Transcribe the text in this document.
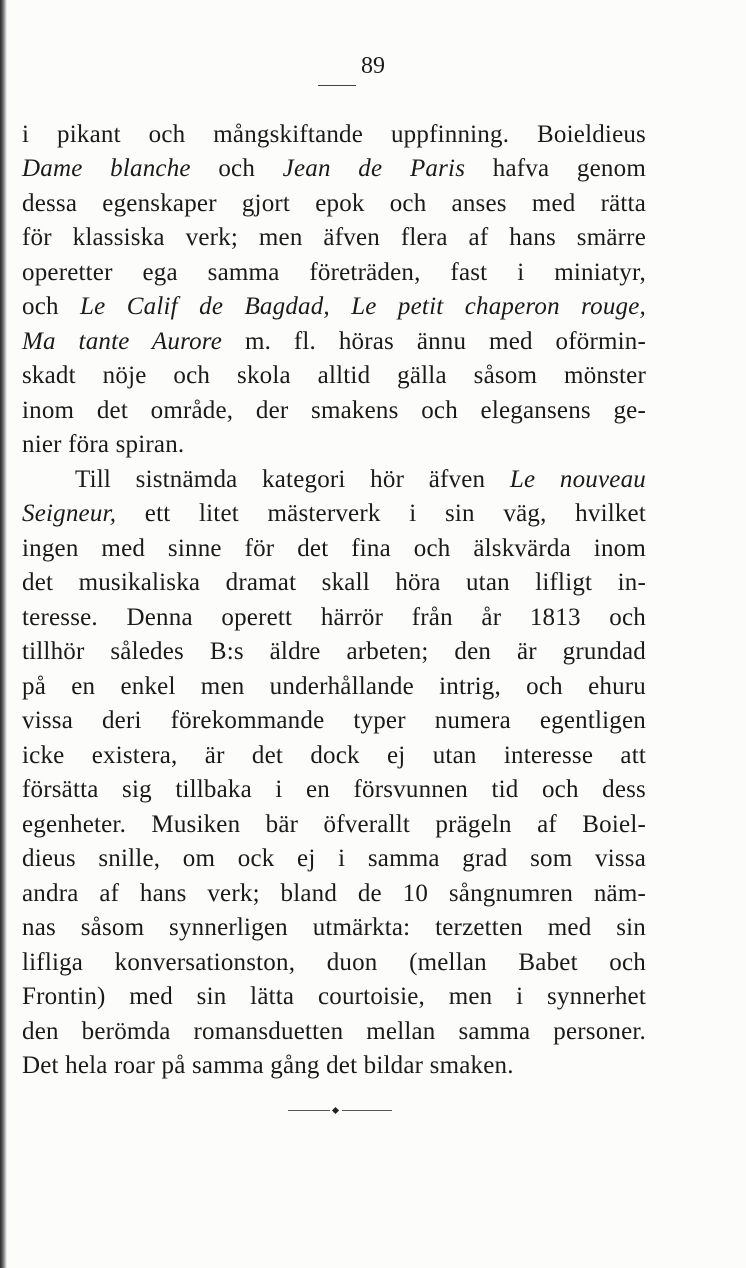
89
i pikant och mångskiftande uppfinning. Boieldieus
Dame blanche och Jean de Paris hafva genom
dessa egenskaper gjort epok och anses med rätta
för klassiska verk; men äfven flera af hans smärre
operetter ega samma företräden, fast i miniatyr,
och Le Calif de Bagdad, Le petit chaperon rouge,
Ma tante Aurore m. fl. höras ännu med oförmin-
skadt nöje och skola alltid gälla såsom mönster
inom det område, der smakens och elegansens ge-
nier föra spiran.
Till sistnämda kategori hör äfven Le nouveau
Seigneur, ett litet mästerverk i sin väg, hvilket
ingen med sinne för det fina och älskvärda inom
det musikaliska dramat skall höra utan lifligt in-
teresse. Denna operett härrör från år 1813 och
tillhör således B:s äldre arbeten; den är grundad
på en enkel men underhållande intrig, och ehuru
vissa deri förekommande typer numera egentligen
icke existera, är det dock ej utan interesse att
försätta sig tillbaka i en försvunnen tid och dess
egenheter. Musiken bär öfverallt prägeln af Boiel-
dieus snille, om ock ej i samma grad som vissa
andra af hans verk; bland de 10 sångnumren näm-
nas såsom synnerligen utmärkta: terzetten med sin
lifliga konversationston, duon (mellan Babet och
Frontin) med sin lätta courtoisie, men i synnerhet
den berömda romansduetten mellan samma personer.
Det hela roar på samma gång det bildar smaken.
